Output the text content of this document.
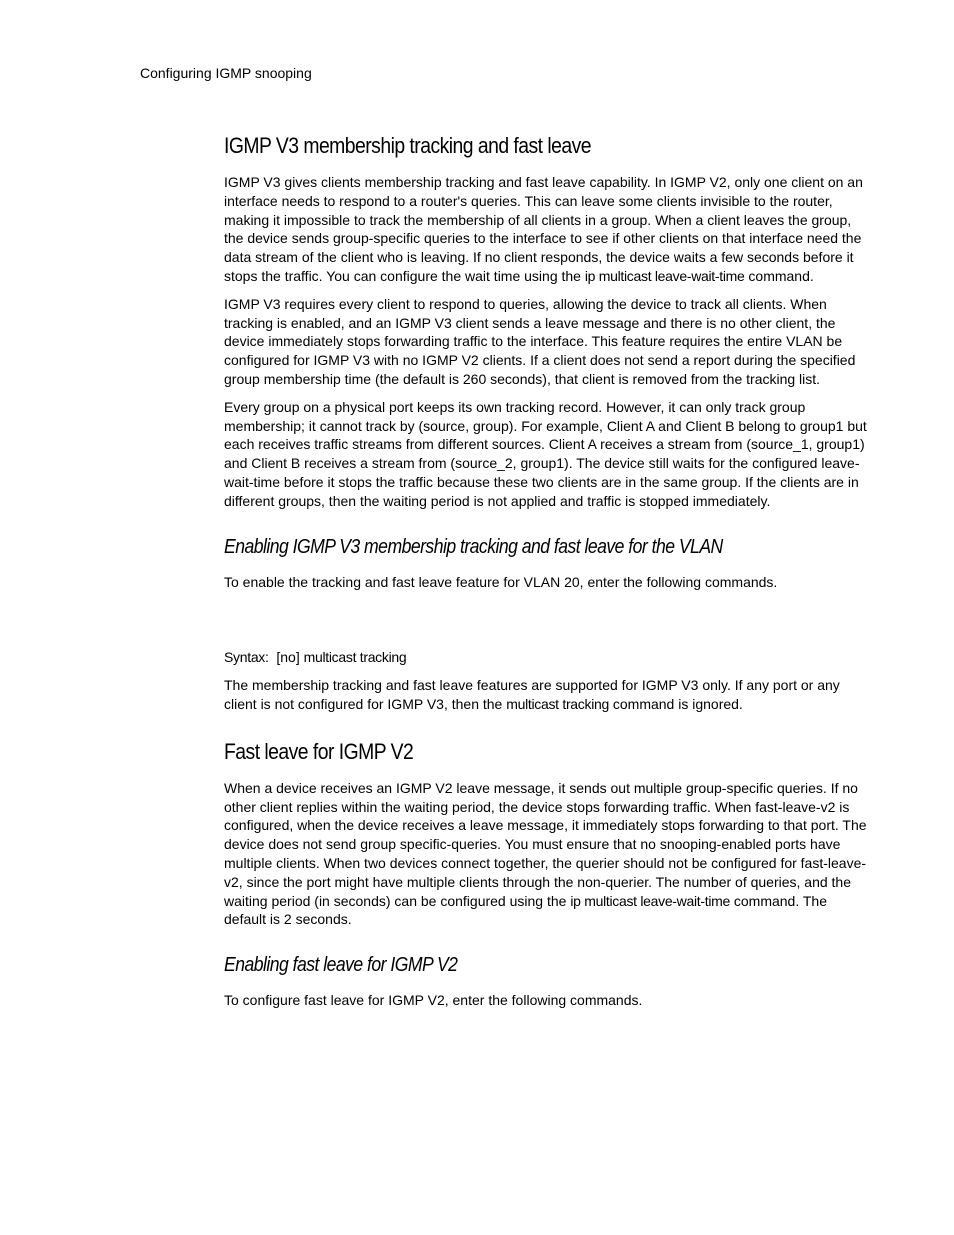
Configuring IGMP snooping
IGMP V3 membership tracking and fast leave

IGMP V3 gives clients membership tracking and fast leave capability. In IGMP V2, only one client on an interface needs to respond to a router's queries. This can leave some clients invisible to the router, making it impossible to track the membership of all clients in a group. When a client leaves the group, the device sends group-specific queries to the interface to see if other clients on that interface need the data stream of the client who is leaving. If no client responds, the device waits a few seconds before it stops the traffic. You can configure the wait time using the ip multicast leave-wait-time command.

IGMP V3 requires every client to respond to queries, allowing the device to track all clients. When tracking is enabled, and an IGMP V3 client sends a leave message and there is no other client, the device immediately stops forwarding traffic to the interface. This feature requires the entire VLAN be configured for IGMP V3 with no IGMP V2 clients. If a client does not send a report during the specified group membership time (the default is 260 seconds), that client is removed from the tracking list.

Every group on a physical port keeps its own tracking record. However, it can only track group membership; it cannot track by (source, group). For example, Client A and Client B belong to group1 but each receives traffic streams from different sources. Client A receives a stream from (source_1, group1) and Client B receives a stream from (source_2, group1). The device still waits for the configured leave-wait-time before it stops the traffic because these two clients are in the same group. If the clients are in different groups, then the waiting period is not applied and traffic is stopped immediately.

Enabling IGMP V3 membership tracking and fast leave for the VLAN

To enable the tracking and fast leave feature for VLAN 20, enter the following commands.

Syntax:  [no] multicast tracking

The membership tracking and fast leave features are supported for IGMP V3 only. If any port or any client is not configured for IGMP V3, then the multicast tracking command is ignored.

Fast leave for IGMP V2

When a device receives an IGMP V2 leave message, it sends out multiple group-specific queries. If no other client replies within the waiting period, the device stops forwarding traffic. When fast-leave-v2 is configured, when the device receives a leave message, it immediately stops forwarding to that port. The device does not send group specific-queries. You must ensure that no snooping-enabled ports have multiple clients. When two devices connect together, the querier should not be configured for fast-leave-v2, since the port might have multiple clients through the non-querier. The number of queries, and the waiting period (in seconds) can be configured using the ip multicast leave-wait-time command. The default is 2 seconds.

Enabling fast leave for IGMP V2

To configure fast leave for IGMP V2, enter the following commands.
